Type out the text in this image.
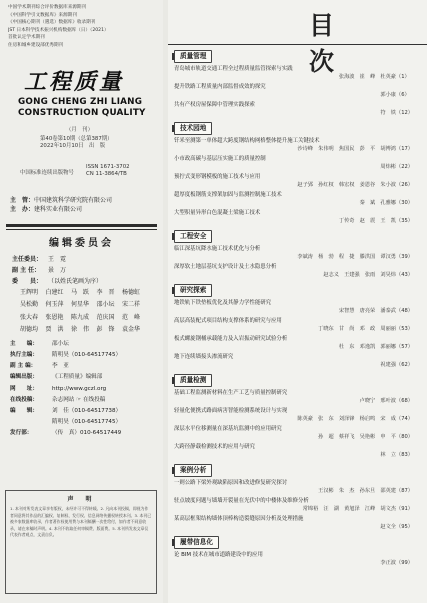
中国学术期刊综合评价数据库来源期刊
《中国科学引文数据库》来源期刊
《中国核心期刊（遴选）数据库》收录期刊
JST 日本科学技术振兴机构数据库（日）（2021）
首批认定学术期刊
住房和城乡建设部优秀期刊
工程质量
GONG CHENG ZHI LIANG
CONSTRUCTION QUALITY
（月　刊）
第40卷第10期（总第387期）
2022年10月10日　出　版
中国标准连续出版物号
ISSN 1671-3702
CN 11-3864/TB
主　管：中国建筑科学研究院有限公司
主　办：建科实业有限公司
编辑委员会
主任委员： 王　霓
副 主 任： 景　万
委　　员： （以姓氏笔画为序）
王辉明	白建红	马　跃	李　晋	杨德虹
吴松勤	何玉萍	何星华	邵小坛	宋二祥
张大春	张恩艳	陈九成	范庆国	范　峰
胡德均	贾　洪	徐　伟	彭　锋	袁金华
主　　编：	邵小坛
执行主编：	隋明昊（010-64517745）
副 主 编：	李　亚
编辑出版：	《工程质量》编辑部
网　　址：	http://www.gczl.org
在线投稿：	杂志网站 ☞ 在线投稿
编　　辑：	刘　佳（010-64517738）
　　　　隋明昊（010-64517745）
发行部：	（传　真）010-64517449
声　明

1. 本刊对所发表文章享有版权，未经许可不得转载。2. 凡向本刊投稿，即视为作者同意将其作品的汇编权、复制权、发行权、信息网络传播权转授本刊。3. 本刊已被多家数据库收录，作者著作权使用费与本刊稿酬一次性给付，如作者不同意收录，请在来稿时声明。4. 本刊不收取任何审稿费、版面费。5. 本刊所发表文章仅代表作者观点，文责自负。

目　次
质量管理
青岛城市轨道交通工程全过程质量监管探索与实践
张海波　崔　峰　杜英豪（1）
提升铁路工程质量内部监督成效的探究
郭小康（6）
共有产权房屋保障中管理实践探索
符　铁（12）
技术园地
钎米至测第一单体超大跨度钢结构网格整体提升施工关键技术
沙诗峰　朱伟明　焦国民　彭　平　胡博鸿（17）
小市政高碳与基层压实施工的质量控制
周炜彬（22）
预拧式变形钢模板的施工技术与应用
赵子郢　孙红权　韩宏权　姜恩谷　朱小波（26）
超厚度板钢筋支撑架加固与监测控制施工技术
秦　斌　孔雅娜（30）
大型积量异形白色混凝土梁施工技术
丁传奇　赵　震　王　凯（35）
工程安全
临江深基坑降水施工技术优化与分析
李斌涛　杨　勃　程　捷　滕洪国　谭汉勇（39）
深厚软土地层基坑支护设计及土水隐患分析
赵志义　王建强　张雨　刘昊炜（43）
研究探索
地铁轨下铁垫板优化及其静力学性能研究
宋智慧　唐亮荣　潘泰武（48）
高层高装配式项目结构支撑体系的研究与应用
丁晓东　甘　尚　邓　政　周丽丽（53）
板式螺旋钢桶承载能力及入岩振动研究试验分析
　　杜　东　邓逸凯　郭丽娜（57）
地下连续墙接头渗流研究
祝建强（62）
质量检测
基础工程监测新材料在生产工艺与质量控制研究
卢晓宁　邢叶波（68）
轻量化便携式路面病害智能检测系统设计与实现
陈英豪　张　东　刘泽锋　杨启鸣　宋　成（74）
深层水平位移测量在深基坑监测中的应用研究
孙　超　蔡祥飞　吴艳彬　申　平（80）
大跨径静载检测技术的应用与研究
林　立（83）
案例分析
一则公路下梁外观缺陷原因和改进修复研究探讨
王汉彬　朱　杰　孙东旦　邵英建（87）
驻点坡度问题与墙墙开裂量在光伏中的中楼体及维修分析
常锦裕　汪　湖　黄旭泽　江峰　胡文杰（91）
某高层框架结构墙体顶棒构造裂缝原因分析及处理措施
赵文全（95）
履带信息化
论 BIM 技术在城市道路建设中的应用
李正波（99）
